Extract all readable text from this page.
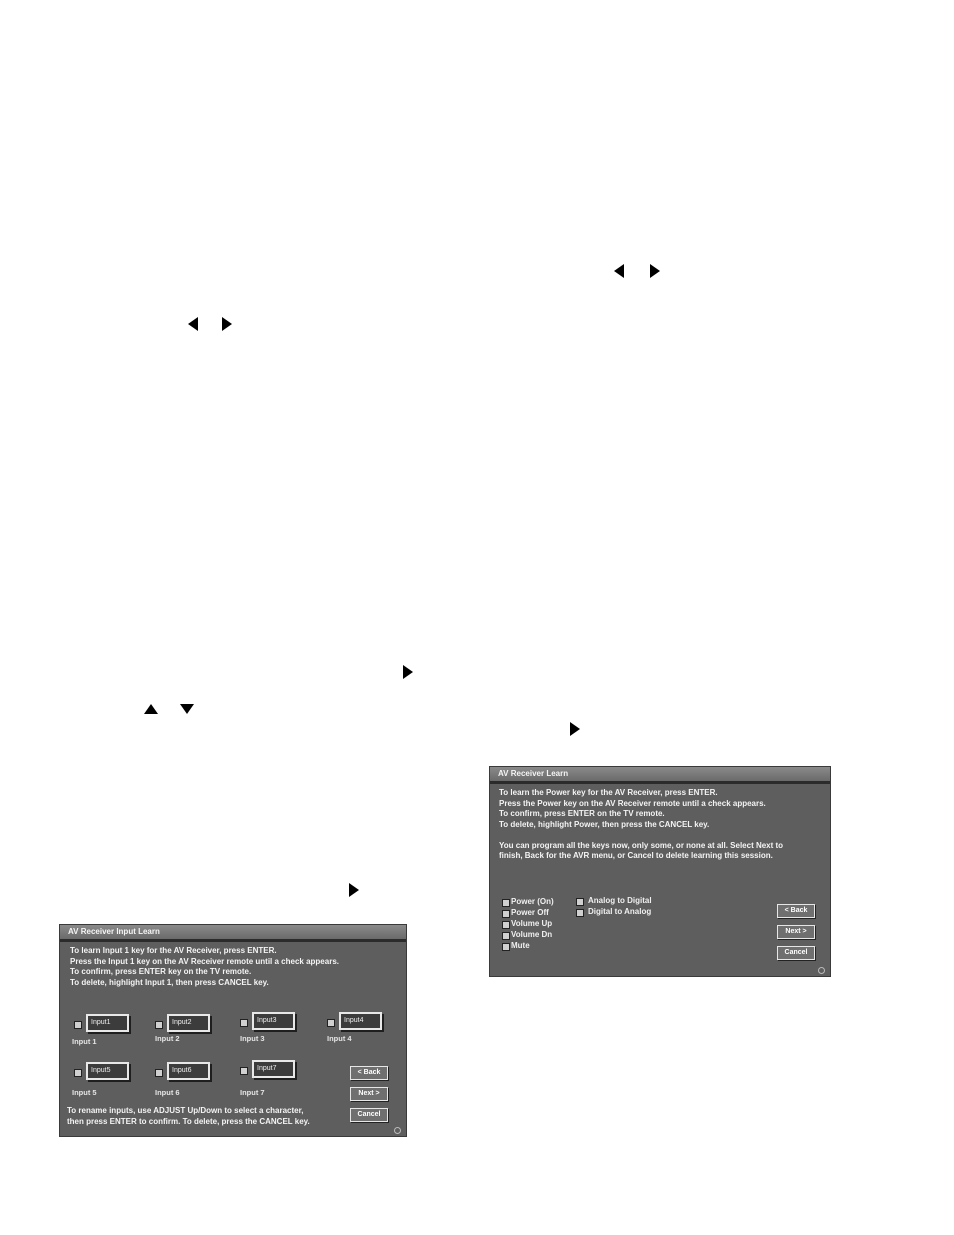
AV Receiver Input Learn
To learn Input 1 key for the AV Receiver, press ENTER.
Press the Input 1 key on the AV Receiver remote until a check appears.
To confirm, press ENTER key on the TV remote.
To delete, highlight Input 1, then press CANCEL key.
Input1
Input 1
Input2
Input 2
Input3
Input 3
Input4
Input 4
Input5
Input 5
Input6
Input 6
Input7
Input 7
< Back
Next >
Cancel
To rename inputs, use ADJUST Up/Down to select a character,
then press ENTER to confirm. To delete, press the CANCEL key.
AV Receiver Learn
To learn the Power key for the AV Receiver, press ENTER.
Press the Power key on the AV Receiver remote until a check appears.
To confirm, press ENTER on the TV remote.
To delete, highlight Power, then press the CANCEL key.
You can program all the keys now, only some, or none at all. Select Next to
finish, Back for the AVR menu, or Cancel to delete learning this session.
Power (On)
Power Off
Volume Up
Volume Dn
Mute
Analog to Digital
Digital to Analog	< Back
Next >
Cancel
